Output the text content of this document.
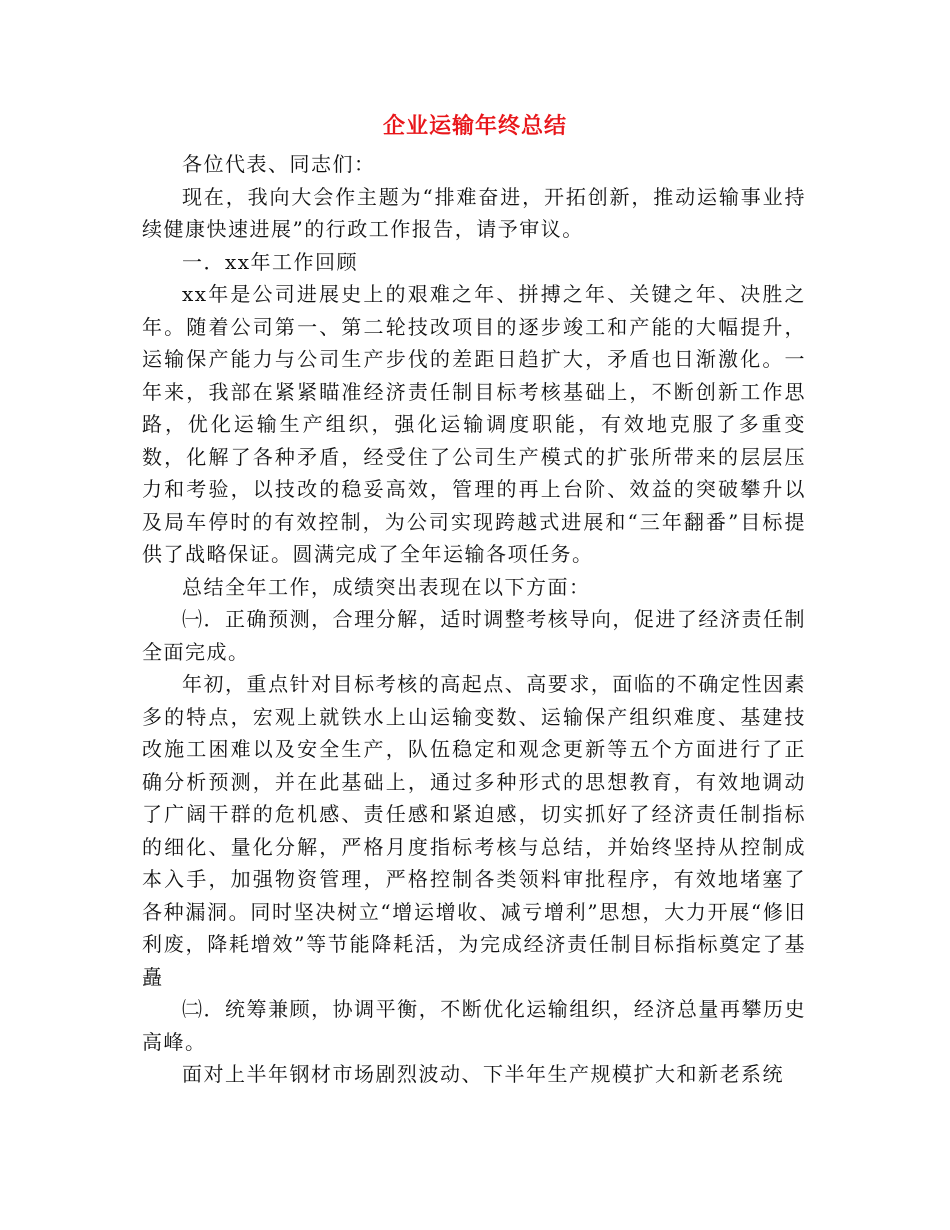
企业运输年终总结

各位代表、同志们：

现在，我向大会作主题为“排难奋进，开拓创新，推动运输事业持续健康快速进展”的行政工作报告，请予审议。

一．xx年工作回顾

xx年是公司进展史上的艰难之年、拼搏之年、关键之年、决胜之年。随着公司第一、第二轮技改项目的逐步竣工和产能的大幅提升，运输保产能力与公司生产步伐的差距日趋扩大，矛盾也日渐激化。一年来，我部在紧紧瞄准经济责任制目标考核基础上，不断创新工作思路，优化运输生产组织，强化运输调度职能，有效地克服了多重变数，化解了各种矛盾，经受住了公司生产模式的扩张所带来的层层压力和考验，以技改的稳妥高效，管理的再上台阶、效益的突破攀升以及局车停时的有效控制，为公司实现跨越式进展和“三年翻番”目标提供了战略保证。圆满完成了全年运输各项任务。

总结全年工作，成绩突出表现在以下方面：

㈠．正确预测，合理分解，适时调整考核导向，促进了经济责任制全面完成。

年初，重点针对目标考核的高起点、高要求，面临的不确定性因素多的特点，宏观上就铁水上山运输变数、运输保产组织难度、基建技改施工困难以及安全生产，队伍稳定和观念更新等五个方面进行了正确分析预测，并在此基础上，通过多种形式的思想教育，有效地调动了广阔干群的危机感、责任感和紧迫感，切实抓好了经济责任制指标的细化、量化分解，严格月度指标考核与总结，并始终坚持从控制成本入手，加强物资管理，严格控制各类领料审批程序，有效地堵塞了各种漏洞。同时坚决树立“增运增收、减亏增利”思想，大力开展“修旧利废，降耗增效”等节能降耗活，为完成经济责任制目标指标奠定了基矗

㈡．统筹兼顾，协调平衡，不断优化运输组织，经济总量再攀历史高峰。

面对上半年钢材市场剧烈波动、下半年生产规模扩大和新老系统
